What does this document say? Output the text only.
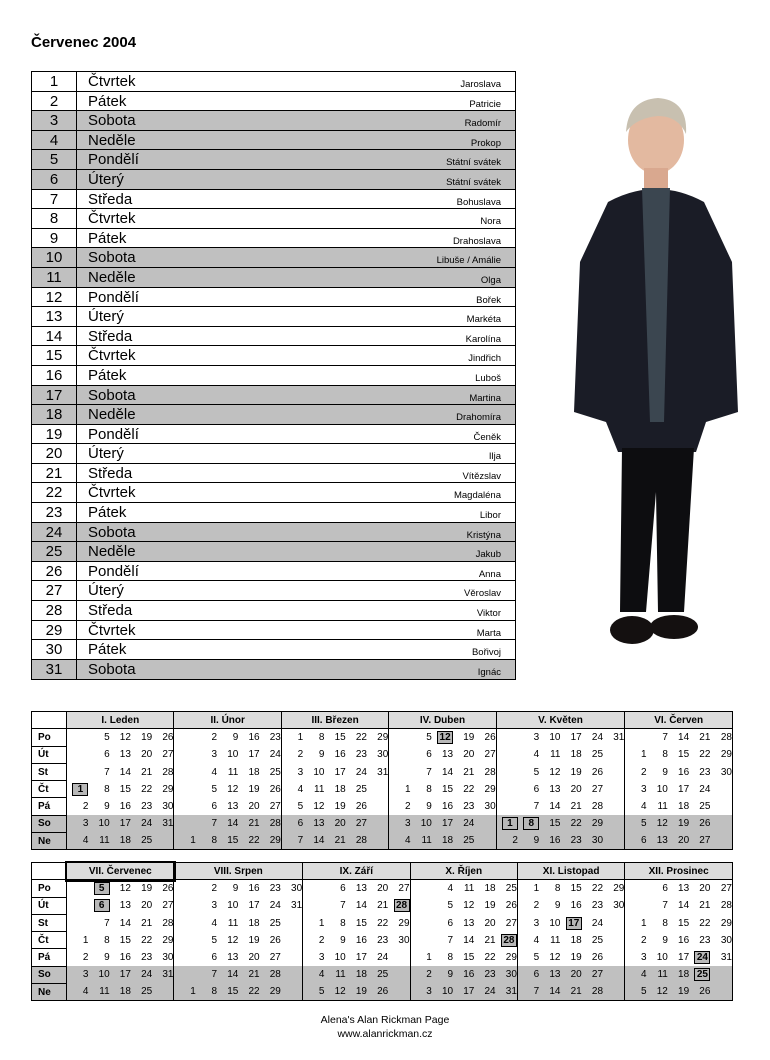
Červenec 2004
1	Čtvrtek	Jaroslava
2	Pátek	Patricie
3	Sobota	Radomír
4	Neděle	Prokop
5	Pondělí	Státní svátek
6	Úterý	Státní svátek
7	Středa	Bohuslava
8	Čtvrtek	Nora
9	Pátek	Drahoslava
10	Sobota	Libuše / Amálie
11	Neděle	Olga
12	Pondělí	Bořek
13	Úterý	Markéta
14	Středa	Karolína
15	Čtvrtek	Jindřich
16	Pátek	Luboš
17	Sobota	Martina
18	Neděle	Drahomíra
19	Pondělí	Čeněk
20	Úterý	Ilja
21	Středa	Vítězslav
22	Čtvrtek	Magdaléna
23	Pátek	Libor
24	Sobota	Kristýna
25	Neděle	Jakub
26	Pondělí	Anna
27	Úterý	Věroslav
28	Středa	Viktor
29	Čtvrtek	Marta
30	Pátek	Bořivoj
31	Sobota	Ignác
	I. Leden					II. Únor					III. Březen					IV. Duben					V. Květen						VI. Červen				
Po		5	12	19	26		2	9	16	23	1	8	15	22	29		5	12	19	26		3	10	17	24	31		7	14	21	28
Út		6	13	20	27		3	10	17	24	2	9	16	23	30		6	13	20	27		4	11	18	25		1	8	15	22	29
St		7	14	21	28		4	11	18	25	3	10	17	24	31		7	14	21	28		5	12	19	26		2	9	16	23	30
Čt	1	8	15	22	29		5	12	19	26	4	11	18	25		1	8	15	22	29		6	13	20	27		3	10	17	24	
Pá	2	9	16	23	30		6	13	20	27	5	12	19	26		2	9	16	23	30		7	14	21	28		4	11	18	25	
So	3	10	17	24	31		7	14	21	28	6	13	20	27		3	10	17	24		1	8	15	22	29		5	12	19	26	
Ne	4	11	18	25		1	8	15	22	29	7	14	21	28		4	11	18	25		2	9	16	23	30		6	13	20	27	
	VII. Červenec					VIII. Srpen						IX. Září					X. Říjen					XI. Listopad					XII. Prosinec				
Po		5	12	19	26		2	9	16	23	30		6	13	20	27		4	11	18	25	1	8	15	22	29		6	13	20	27
Út		6	13	20	27		3	10	17	24	31		7	14	21	28		5	12	19	26	2	9	16	23	30		7	14	21	28
St		7	14	21	28		4	11	18	25		1	8	15	22	29		6	13	20	27	3	10	17	24		1	8	15	22	29
Čt	1	8	15	22	29		5	12	19	26		2	9	16	23	30		7	14	21	28	4	11	18	25		2	9	16	23	30
Pá	2	9	16	23	30		6	13	20	27		3	10	17	24		1	8	15	22	29	5	12	19	26		3	10	17	24	31
So	3	10	17	24	31		7	14	21	28		4	11	18	25		2	9	16	23	30	6	13	20	27		4	11	18	25	
Ne	4	11	18	25		1	8	15	22	29		5	12	19	26		3	10	17	24	31	7	14	21	28		5	12	19	26	
Alena's Alan Rickman Page
www.alanrickman.cz
